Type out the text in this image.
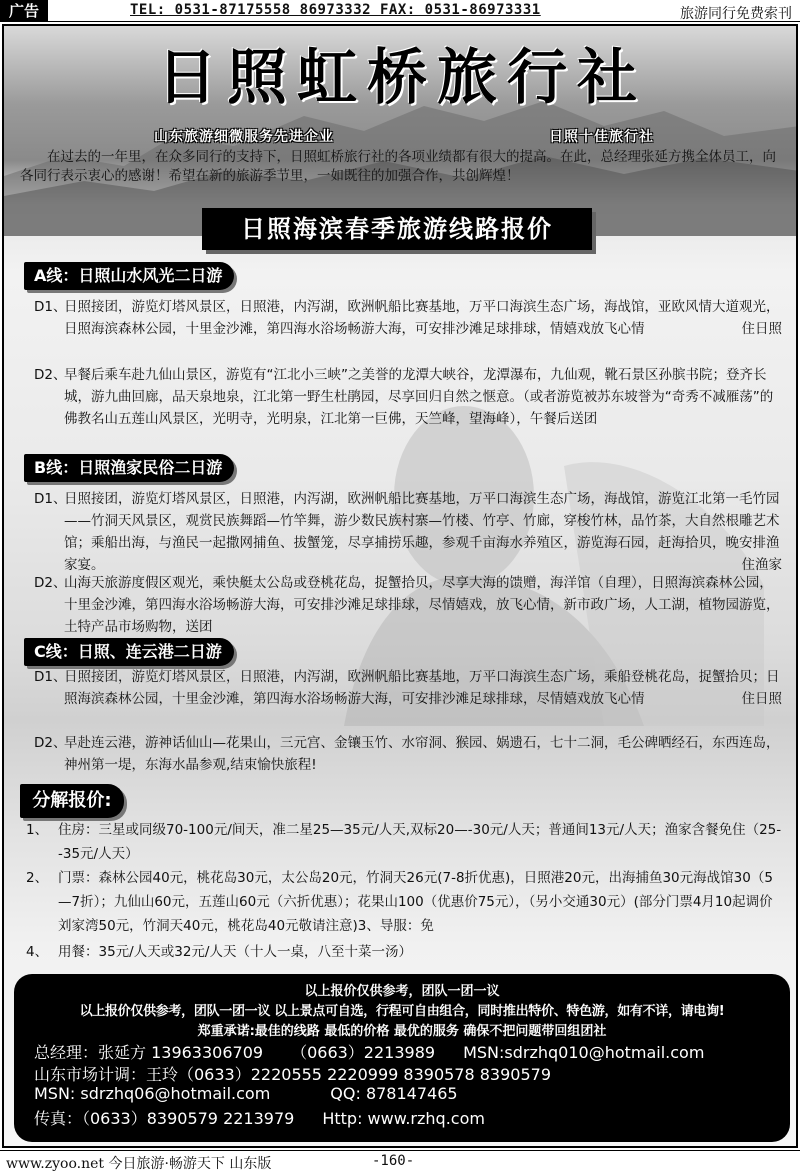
广告	TEL: 0531-87175558 86973332 FAX: 0531-86973331	旅游同行免费索刊
日照虹桥旅行社
山东旅游细微服务先进企业	日照十佳旅行社
在过去的一年里，在众多同行的支持下，日照虹桥旅行社的各项业绩都有很大的提高。在此，总经理张延方携全体员工，向各同行表示衷心的感谢！希望在新的旅游季节里，一如既往的加强合作，共创辉煌！
日照海滨春季旅游线路报价
A线：日照山水风光二日游
D1、
日照接团，游览灯塔风景区，日照港，内泻湖，欧洲帆船比赛基地，万平口海滨生态广场，海战馆，亚欧风情大道观光，日照海滨森林公园，十里金沙滩，第四海水浴场畅游大海，可安排沙滩足球排球，情嬉戏放飞心情	住日照
D2、
早餐后乘车赴九仙山景区，游览有“江北小三峡”之美誉的龙潭大峡谷，龙潭瀑布，九仙观，靴石景区孙膑书院；登齐长城，游九曲回廊，品天泉地泉，江北第一野生杜鹃园，尽享回归自然之惬意。（或者游览被苏东坡誉为“奇秀不减雁荡”的佛教名山五莲山风景区，光明寺，光明泉，江北第一巨佛，天竺峰，望海峰），午餐后送团
B线：日照渔家民俗二日游
D1、
日照接团，游览灯塔风景区，日照港，内泻湖，欧洲帆船比赛基地，万平口海滨生态广场，海战馆，游览江北第一毛竹园——竹洞天风景区，观赏民族舞蹈—竹竿舞，游少数民族村寨—竹楼、竹亭、竹廊，穿梭竹林，品竹茶，大自然根雕艺术馆；乘船出海，与渔民一起撒网捕鱼、拔蟹笼，尽享捕捞乐趣，参观千亩海水养殖区，游览海石园，赶海拾贝，晚安排渔家宴。	住渔家
D2、
山海天旅游度假区观光，乘快艇太公岛或登桃花岛，捉蟹拾贝，尽享大海的馈赠，海洋馆（自理），日照海滨森林公园，十里金沙滩，第四海水浴场畅游大海，可安排沙滩足球排球，尽情嬉戏，放飞心情，新市政广场，人工湖，植物园游览，土特产品市场购物，送团
C线：日照、连云港二日游
D1、
日照接团，游览灯塔风景区，日照港，内泻湖，欧洲帆船比赛基地，万平口海滨生态广场，乘船登桃花岛，捉蟹拾贝；日照海滨森林公园，十里金沙滩，第四海水浴场畅游大海，可安排沙滩足球排球，尽情嬉戏放飞心情	住日照
D2、
早赴连云港，游神话仙山—花果山，三元宫、金镶玉竹、水帘洞、猴园、娲遗石，七十二洞，毛公碑晒经石，东西连岛，神州第一堤，东海水晶参观,结束愉快旅程!
分解报价:
1、 住房：三星或同级70-100元/间天，准二星25—35元/人天,双标20—-30元/人天；普通间13元/人天；渔家含餐免住（25--35元/人天）
2、 门票：森林公园40元，桃花岛30元，太公岛20元，竹洞天26元(7-8折优惠)，日照港20元，出海捕鱼30元海战馆30（5—7折）；九仙山60元，五莲山60元（六折优惠）；花果山100（优惠价75元），（另小交通30元）(部分门票4月10起调价刘家湾50元，竹洞天40元，桃花岛40元敬请注意)3、导服：免
4、 用餐：35元/人天或32元/人天（十人一桌，八至十菜一汤）
以上报价仅供参考，团队一团一议
以上报价仅供参考，团队一团一议 以上景点可自选，行程可自由组合，同时推出特价、特色游，如有不详，请电询!
郑重承诺:最佳的线路 最低的价格 最优的服务 确保不把问题带回组团社
总经理：张延方 13963306709 （0663）2213989 MSN:sdrzhq010@hotmail.com
山东市场计调：王玲（0633）2220555 2220999 8390578 8390579
MSN: sdrzhq06@hotmail.com	QQ: 878147465
传真：（0633）8390579 2213979 Http: www.rzhq.com
www.zyoo.net 今日旅游·畅游天下 山东版	-160-
